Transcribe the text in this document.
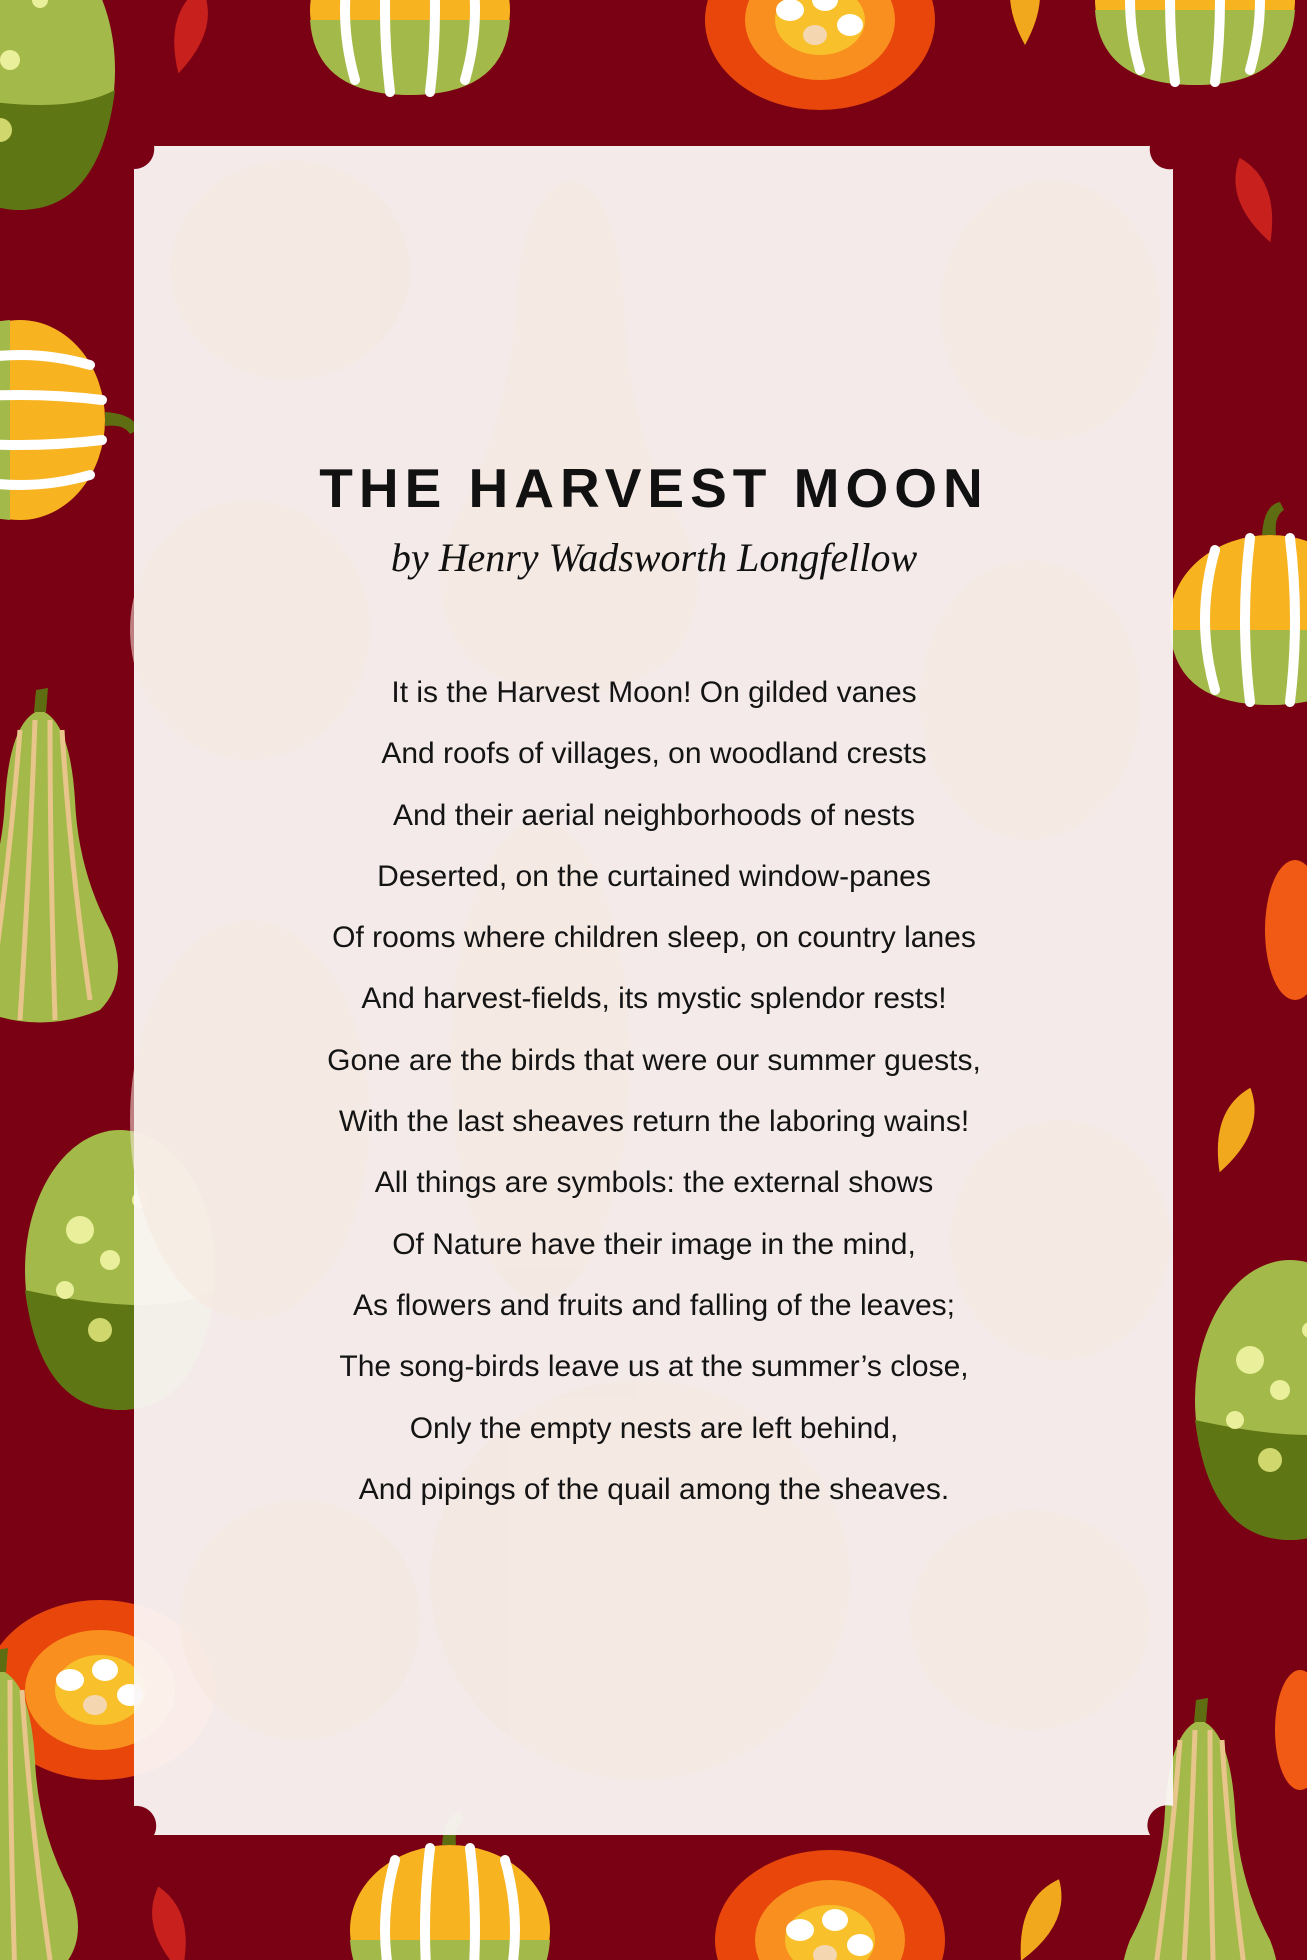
THE HARVEST MOON
by Henry Wadsworth Longfellow
It is the Harvest Moon! On gilded vanes
And roofs of villages, on woodland crests
And their aerial neighborhoods of nests
Deserted, on the curtained window-panes
Of rooms where children sleep, on country lanes
And harvest-fields, its mystic splendor rests!
Gone are the birds that were our summer guests,
With the last sheaves return the laboring wains!
All things are symbols: the external shows
Of Nature have their image in the mind,
As flowers and fruits and falling of the leaves;
The song-birds leave us at the summer’s close,
Only the empty nests are left behind,
And pipings of the quail among the sheaves.
